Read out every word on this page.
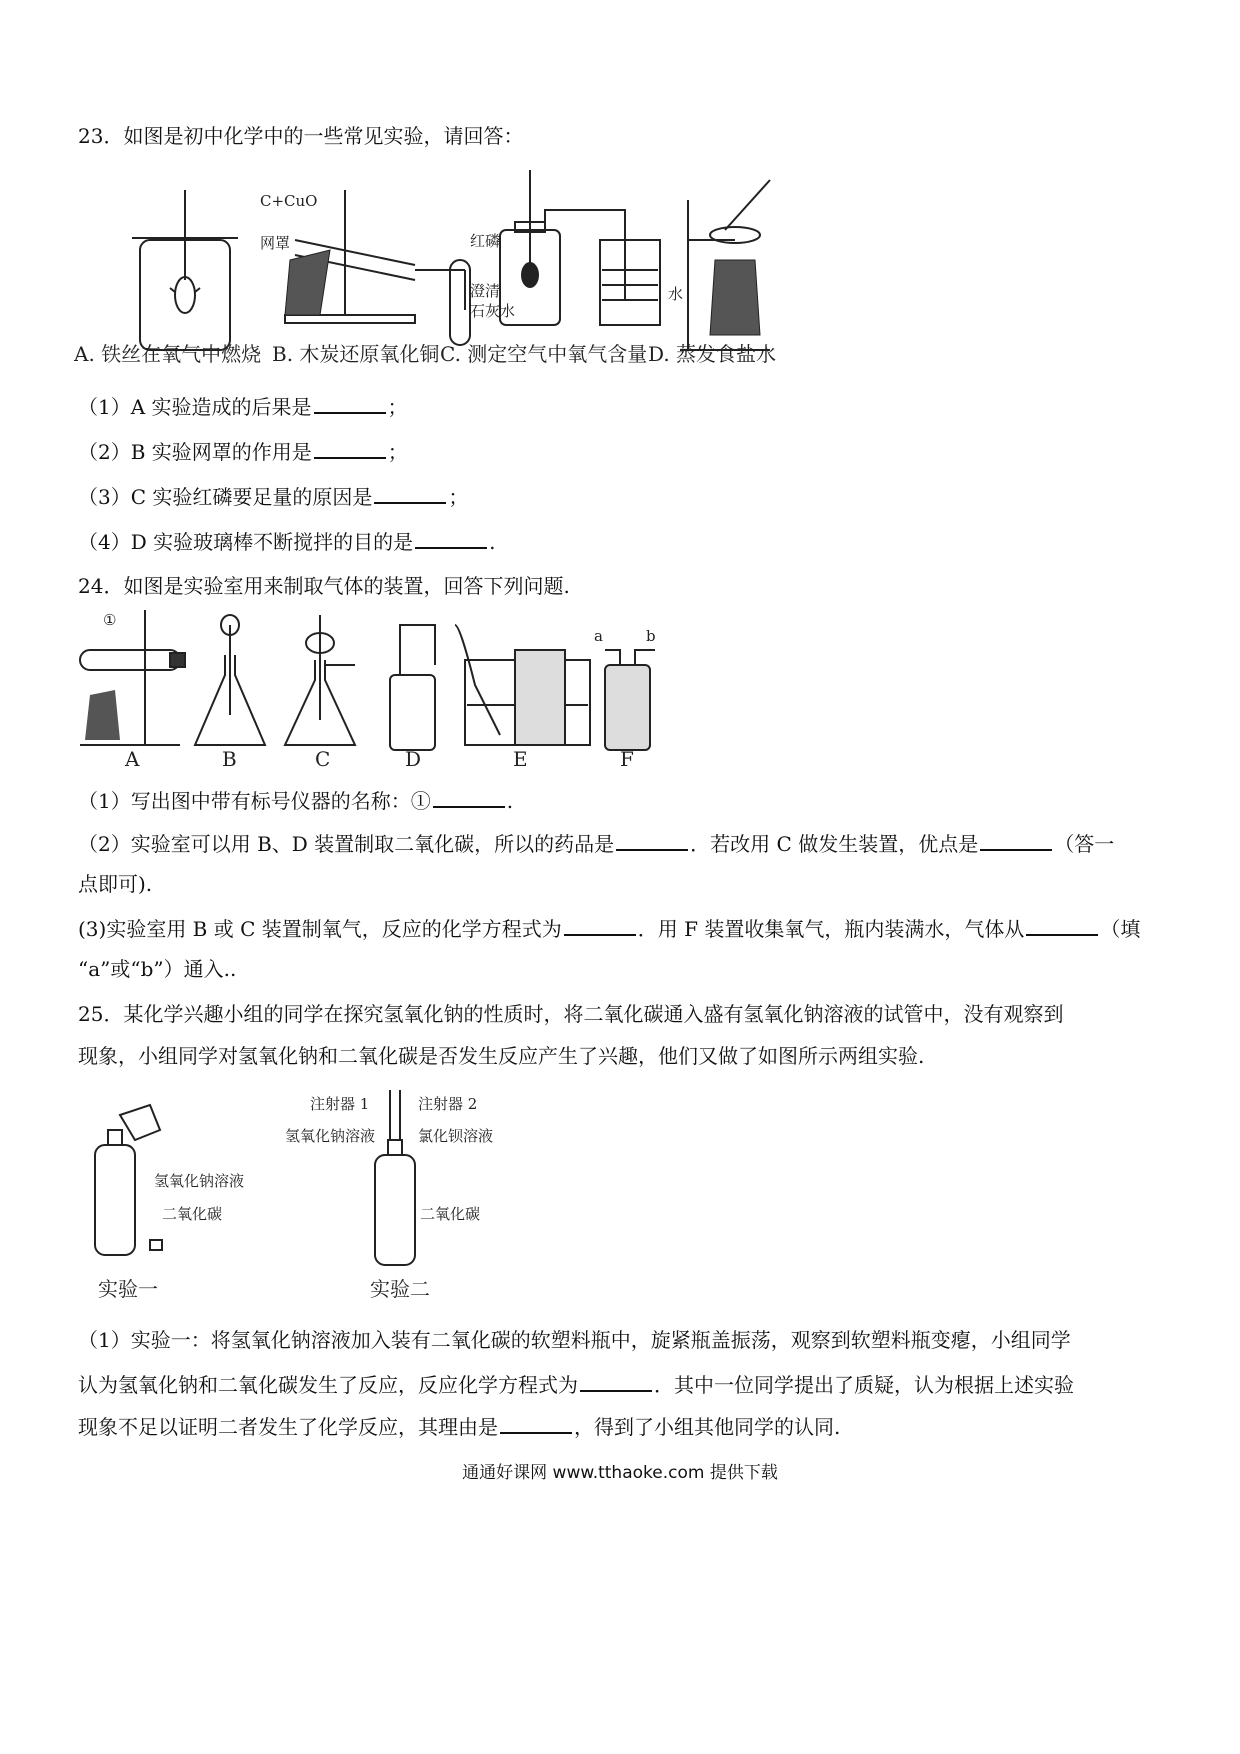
23．如图是初中化学中的一些常见实验，请回答：
C+CuO
网罩
澄清
石灰水
红磷
水
A. 铁丝在氧气中燃烧 B. 木炭还原氧化铜 C. 测定空气中氧气含量 D. 蒸发食盐水
（1）A 实验造成的后果是	；
（2）B 实验网罩的作用是	；
（3）C 实验红磷要足量的原因是	；
（4）D 实验玻璃棒不断搅拌的目的是	.
24．如图是实验室用来制取气体的装置，回答下列问题.
①
A	B	C	D	E	F
a	b
（1）写出图中带有标号仪器的名称：①	.
（2）实验室可以用 B、D 装置制取二氧化碳，所以的药品是	．若改用 C 做发生装置，优点是	（答一
点即可).
(3)实验室用 B 或 C 装置制氧气，反应的化学方程式为	．用 F 装置收集氧气，瓶内装满水，气体从	（填
“a”或“b”）通入..
25．某化学兴趣小组的同学在探究氢氧化钠的性质时，将二氧化碳通入盛有氢氧化钠溶液的试管中，没有观察到
现象，小组同学对氢氧化钠和二氧化碳是否发生反应产生了兴趣，他们又做了如图所示两组实验.
氢氧化钠溶液
二氧化碳
实验一
注射器 1	注射器 2
氢氧化钠溶液	氯化钡溶液
二氧化碳
实验二
（1）实验一：将氢氧化钠溶液加入装有二氧化碳的软塑料瓶中，旋紧瓶盖振荡，观察到软塑料瓶变瘪，小组同学
认为氢氧化钠和二氧化碳发生了反应，反应化学方程式为	．其中一位同学提出了质疑，认为根据上述实验
现象不足以证明二者发生了化学反应，其理由是	，得到了小组其他同学的认同.
通通好课网 www.tthaoke.com 提供下载
